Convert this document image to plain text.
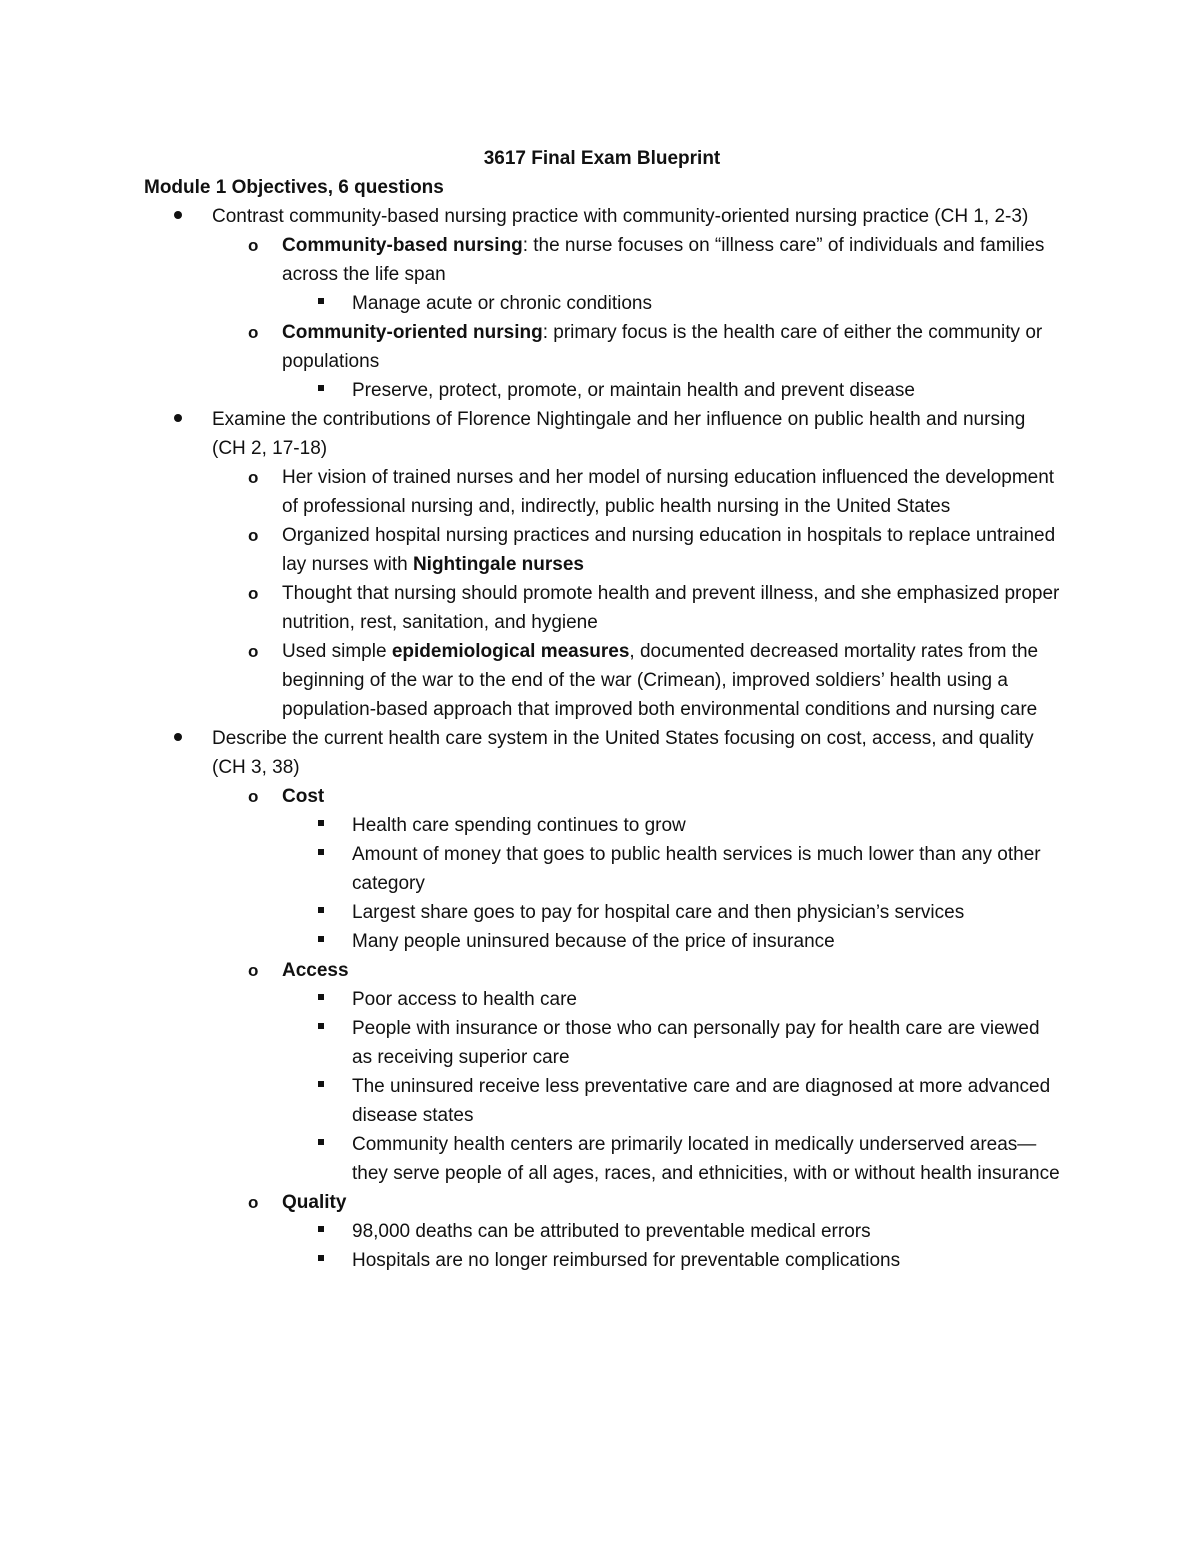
3617 Final Exam Blueprint

Module 1 Objectives, 6 questions

Contrast community-based nursing practice with community-oriented nursing practice (CH 1, 2-3)
o Community-based nursing: the nurse focuses on “illness care” of individuals and families across the life span
Manage acute or chronic conditions
o Community-oriented nursing: primary focus is the health care of either the community or populations
Preserve, protect, promote, or maintain health and prevent disease
Examine the contributions of Florence Nightingale and her influence on public health and nursing (CH 2, 17-18)
o Her vision of trained nurses and her model of nursing education influenced the development of professional nursing and, indirectly, public health nursing in the United States
o Organized hospital nursing practices and nursing education in hospitals to replace untrained lay nurses with Nightingale nurses
o Thought that nursing should promote health and prevent illness, and she emphasized proper nutrition, rest, sanitation, and hygiene
o Used simple epidemiological measures, documented decreased mortality rates from the beginning of the war to the end of the war (Crimean), improved soldiers’ health using a population-based approach that improved both environmental conditions and nursing care
Describe the current health care system in the United States focusing on cost, access, and quality (CH 3, 38)
o Cost
Health care spending continues to grow
Amount of money that goes to public health services is much lower than any other category
Largest share goes to pay for hospital care and then physician’s services
Many people uninsured because of the price of insurance
o Access
Poor access to health care
People with insurance or those who can personally pay for health care are viewed as receiving superior care
The uninsured receive less preventative care and are diagnosed at more advanced disease states
Community health centers are primarily located in medically underserved areas—they serve people of all ages, races, and ethnicities, with or without health insurance
o Quality
98,000 deaths can be attributed to preventable medical errors
Hospitals are no longer reimbursed for preventable complications
